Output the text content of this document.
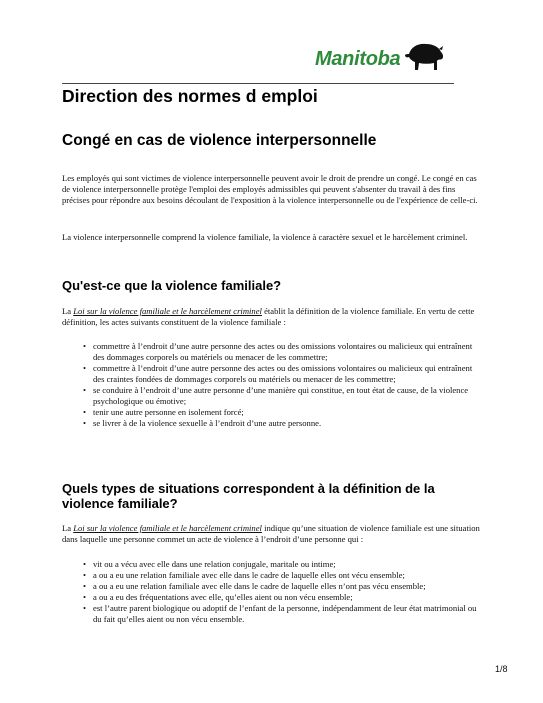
Manitoba
Direction des normes d emploi
Congé en cas de violence interpersonnelle

Les employés qui sont victimes de violence interpersonnelle peuvent avoir le droit de prendre un congé. Le congé en cas de violence interpersonnelle protège l'emploi des employés admissibles qui peuvent s'absenter du travail à des fins précises pour répondre aux besoins découlant de l'exposition à la violence interpersonnelle ou de l'expérience de celle-ci.

La violence interpersonnelle comprend la violence familiale, la violence à caractère sexuel et le harcèlement criminel.

Qu'est-ce que la violence familiale?

La Loi sur la violence familiale et le harcèlement criminel établit la définition de la violence familiale. En vertu de cette définition, les actes suivants constituent de la violence familiale :

• commettre à l’endroit d’une autre personne des actes ou des omissions volontaires ou malicieux qui entraînent des dommages corporels ou matériels ou menacer de les commettre;
• commettre à l’endroit d’une autre personne des actes ou des omissions volontaires ou malicieux qui entraînent des craintes fondées de dommages corporels ou matériels ou menacer de les commettre;
• se conduire à l’endroit d’une autre personne d’une manière qui constitue, en tout état de cause, de la violence psychologique ou émotive;
• tenir une autre personne en isolement forcé;
• se livrer à de la violence sexuelle à l’endroit d’une autre personne.
Quels types de situations correspondent à la définition de la violence familiale?

La Loi sur la violence familiale et le harcèlement criminel indique qu’une situation de violence familiale est une situation dans laquelle une personne commet un acte de violence à l’endroit d’une personne qui :

• vit ou a vécu avec elle dans une relation conjugale, maritale ou intime;
• a ou a eu une relation familiale avec elle dans le cadre de laquelle elles ont vécu ensemble;
• a ou a eu une relation familiale avec elle dans le cadre de laquelle elles n’ont pas vécu ensemble;
• a ou a eu des fréquentations avec elle, qu’elles aient ou non vécu ensemble;
• est l’autre parent biologique ou adoptif de l’enfant de la personne, indépendamment de leur état matrimonial ou du fait qu’elles aient ou non vécu ensemble.
1/8
